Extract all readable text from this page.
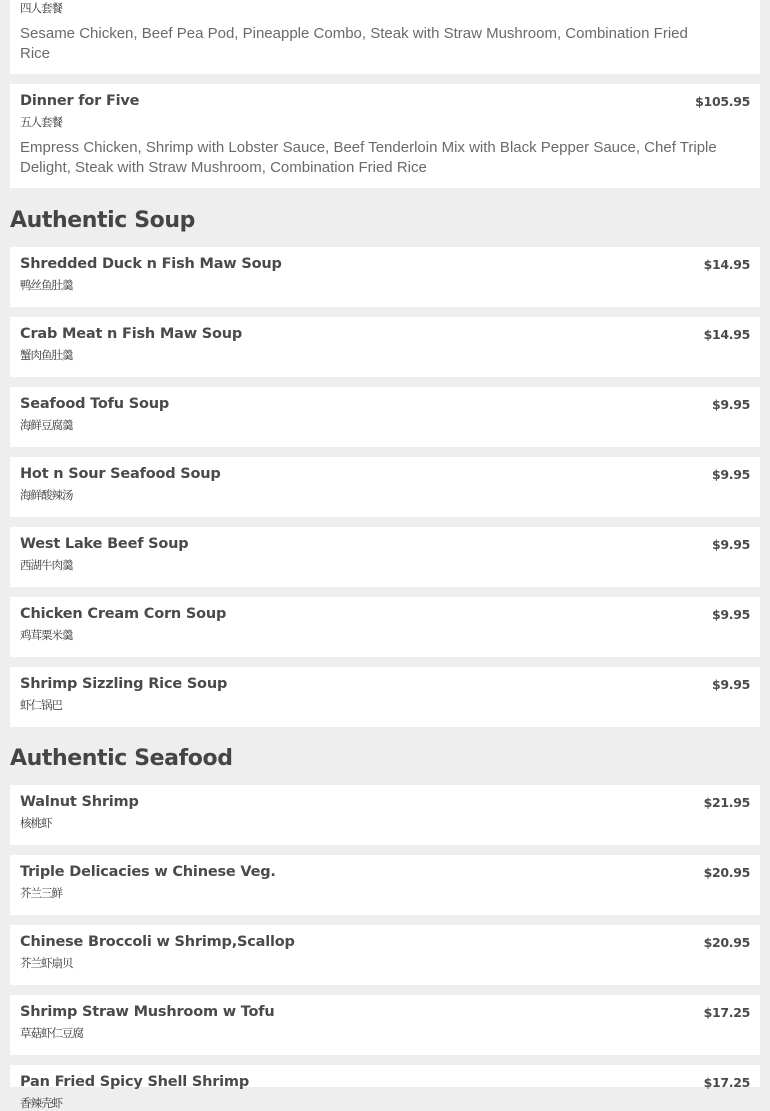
四人套餐
Sesame Chicken, Beef Pea Pod, Pineapple Combo, Steak with Straw Mushroom, Combination Fried Rice
Dinner for Five	$105.95
五人套餐
Empress Chicken, Shrimp with Lobster Sauce, Beef Tenderloin Mix with Black Pepper Sauce, Chef Triple Delight, Steak with Straw Mushroom, Combination Fried Rice
Authentic Soup
Shredded Duck n Fish Maw Soup	$14.95
鸭丝鱼肚羹
Crab Meat n Fish Maw Soup	$14.95
蟹肉鱼肚羹
Seafood Tofu Soup	$9.95
海鲜豆腐羹
Hot n Sour Seafood Soup	$9.95
海鲜酸辣汤
West Lake Beef Soup	$9.95
西湖牛肉羹
Chicken Cream Corn Soup	$9.95
鸡茸粟米羹
Shrimp Sizzling Rice Soup	$9.95
虾仁锅巴
Authentic Seafood
Walnut Shrimp	$21.95
核桃虾
Triple Delicacies w Chinese Veg.	$20.95
芥兰三鲜
Chinese Broccoli w Shrimp,Scallop	$20.95
芥兰虾扇贝
Shrimp Straw Mushroom w Tofu	$17.25
草菇虾仁豆腐
Pan Fried Spicy Shell Shrimp	$17.25
香辣壳虾
